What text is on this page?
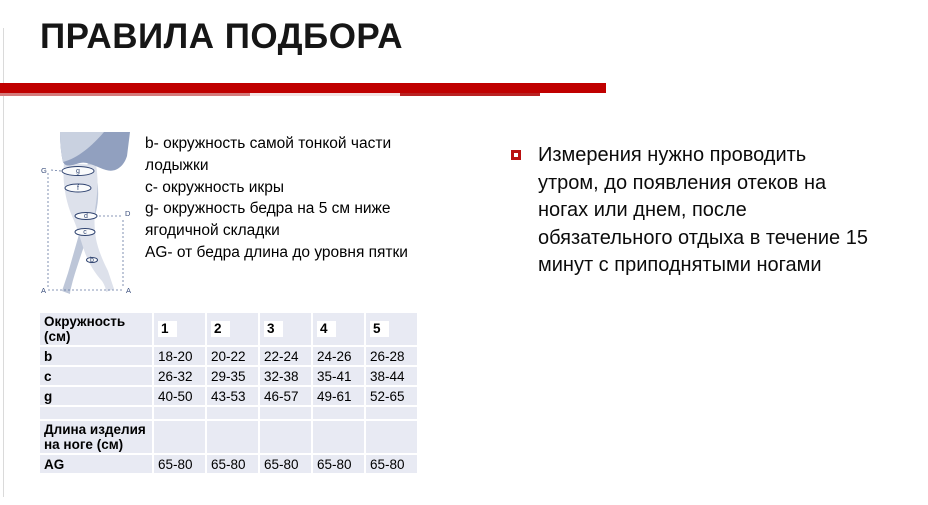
ПРАВИЛА ПОДБОРА
G
D
A	A
g
f
d
c
b
b- окружность самой тонкой части лодыжки
c- окружность икры
g- окружность бедра на 5 см ниже ягодичной складки
AG- от бедра длина до уровня пятки
Измерения нужно проводить
утром, до появления отеков на
ногах или днем, после
обязательного отдыха в течение 15
минут с приподнятыми ногами
Окружность (см)	1	2	3	4	5
b	18-20	20-22	22-24	24-26	26-28
c	26-32	29-35	32-38	35-41	38-44
g	40-50	43-53	46-57	49-61	52-65

Длина изделия на ноге (см)					
AG	65-80	65-80	65-80	65-80	65-80
